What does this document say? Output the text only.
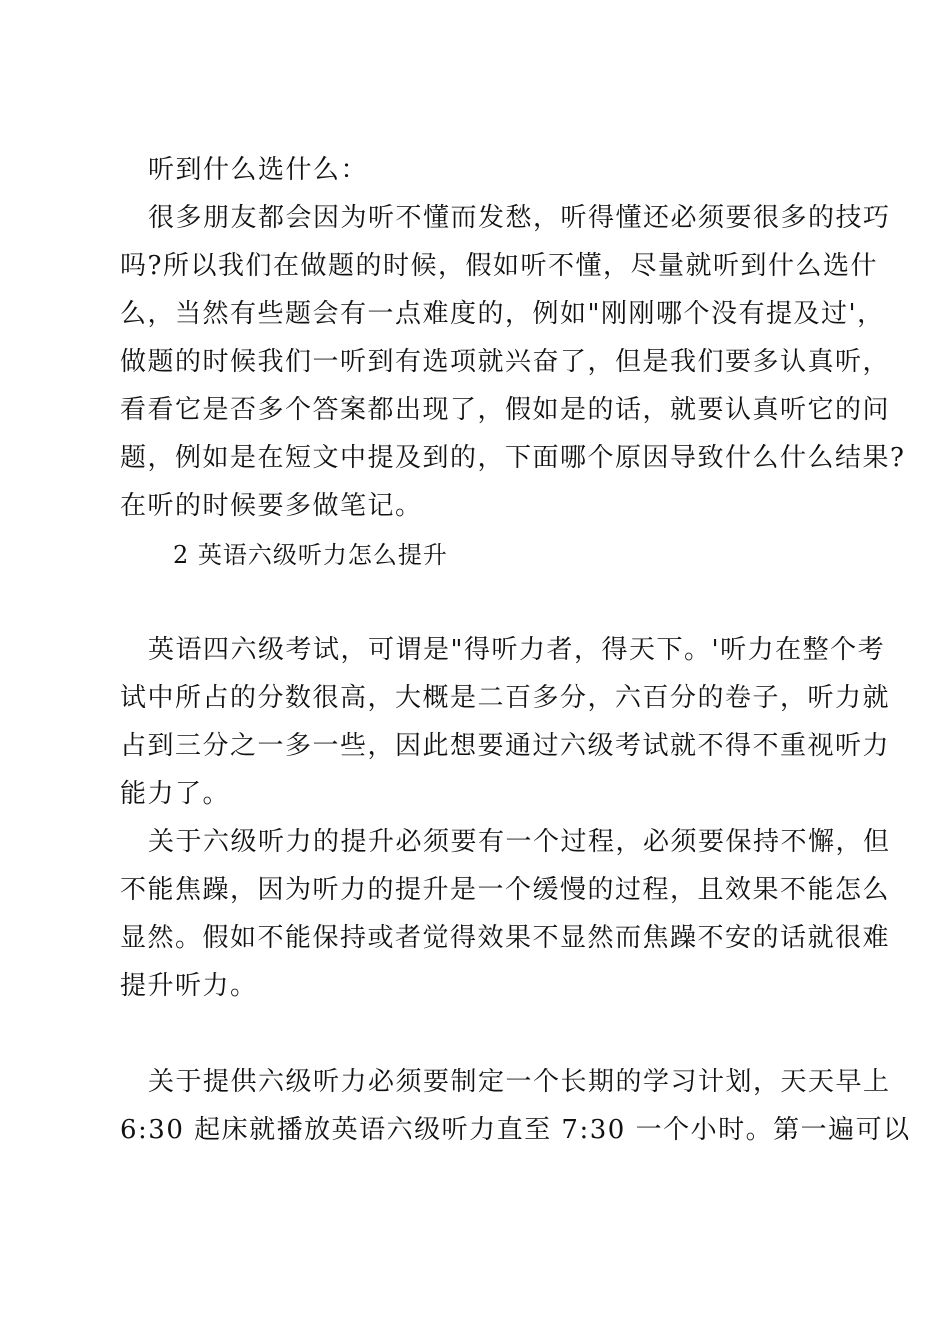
听到什么选什么：
很多朋友都会因为听不懂而发愁，听得懂还必须要很多的技巧
吗?所以我们在做题的时候，假如听不懂，尽量就听到什么选什
么，当然有些题会有一点难度的，例如"刚刚哪个没有提及过'，
做题的时候我们一听到有选项就兴奋了，但是我们要多认真听，
看看它是否多个答案都出现了，假如是的话，就要认真听它的问
题，例如是在短文中提及到的，下面哪个原因导致什么什么结果?
在听的时候要多做笔记。
2 英语六级听力怎么提升
英语四六级考试，可谓是"得听力者，得天下。'听力在整个考
试中所占的分数很高，大概是二百多分，六百分的卷子，听力就
占到三分之一多一些，因此想要通过六级考试就不得不重视听力
能力了。
关于六级听力的提升必须要有一个过程，必须要保持不懈，但
不能焦躁，因为听力的提升是一个缓慢的过程，且效果不能怎么
显然。假如不能保持或者觉得效果不显然而焦躁不安的话就很难
提升听力。
关于提供六级听力必须要制定一个长期的学习计划，天天早上
6:30 起床就播放英语六级听力直至 7:30 一个小时。第一遍可以
